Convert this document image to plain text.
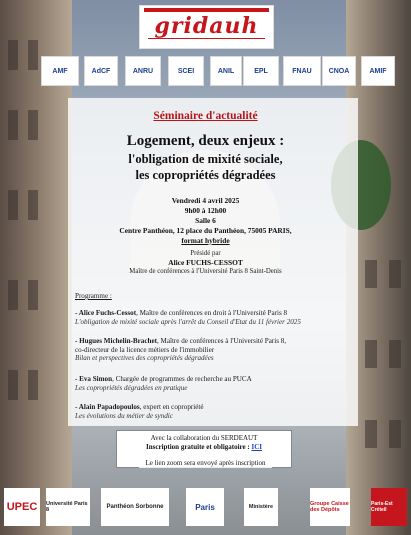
gridauh
AMF	AdCF	ANRU	SCEI	ANIL	EPL	FNAU	CNOA	AMIF
Séminaire d'actualité
Logement, deux enjeux :
l'obligation de mixité sociale,
les copropriétés dégradées
Vendredi 4 avril 2025
9h00 à 12h00
Salle 6
Centre Panthéon, 12 place du Panthéon, 75005 PARIS,
format hybride
Présidé par
Alice FUCHS-CESSOT
Maître de conférences à l'Université Paris 8 Saint-Denis
Programme :
- Alice Fuchs-Cessot, Maître de conférences en droit à l'Université Paris 8
L'obligation de mixité sociale après l'arrêt du Conseil d'Etat du 11 février 2025
- Hugues Michelin-Brachet, Maître de conférences à l'Université Paris 8,
co-directeur de la licence métiers de l'immobilier
Bilan et perspectives des copropriétés dégradées
- Eva Simon, Chargée de programmes de recherche au PUCA
Les copropriétés dégradées en pratique
- Alain Papadopoulos, expert en copropriété
Les évolutions du métier de syndic
Avec la collaboration du SERDEAUT
Inscription gratuite et obligatoire : ICI
Le lien zoom sera envoyé après inscription
UPEC	Université Paris 8	Panthéon Sorbonne	Paris	Ministère	Groupe Caisse des Dépôts
Paris-Est Créteil
